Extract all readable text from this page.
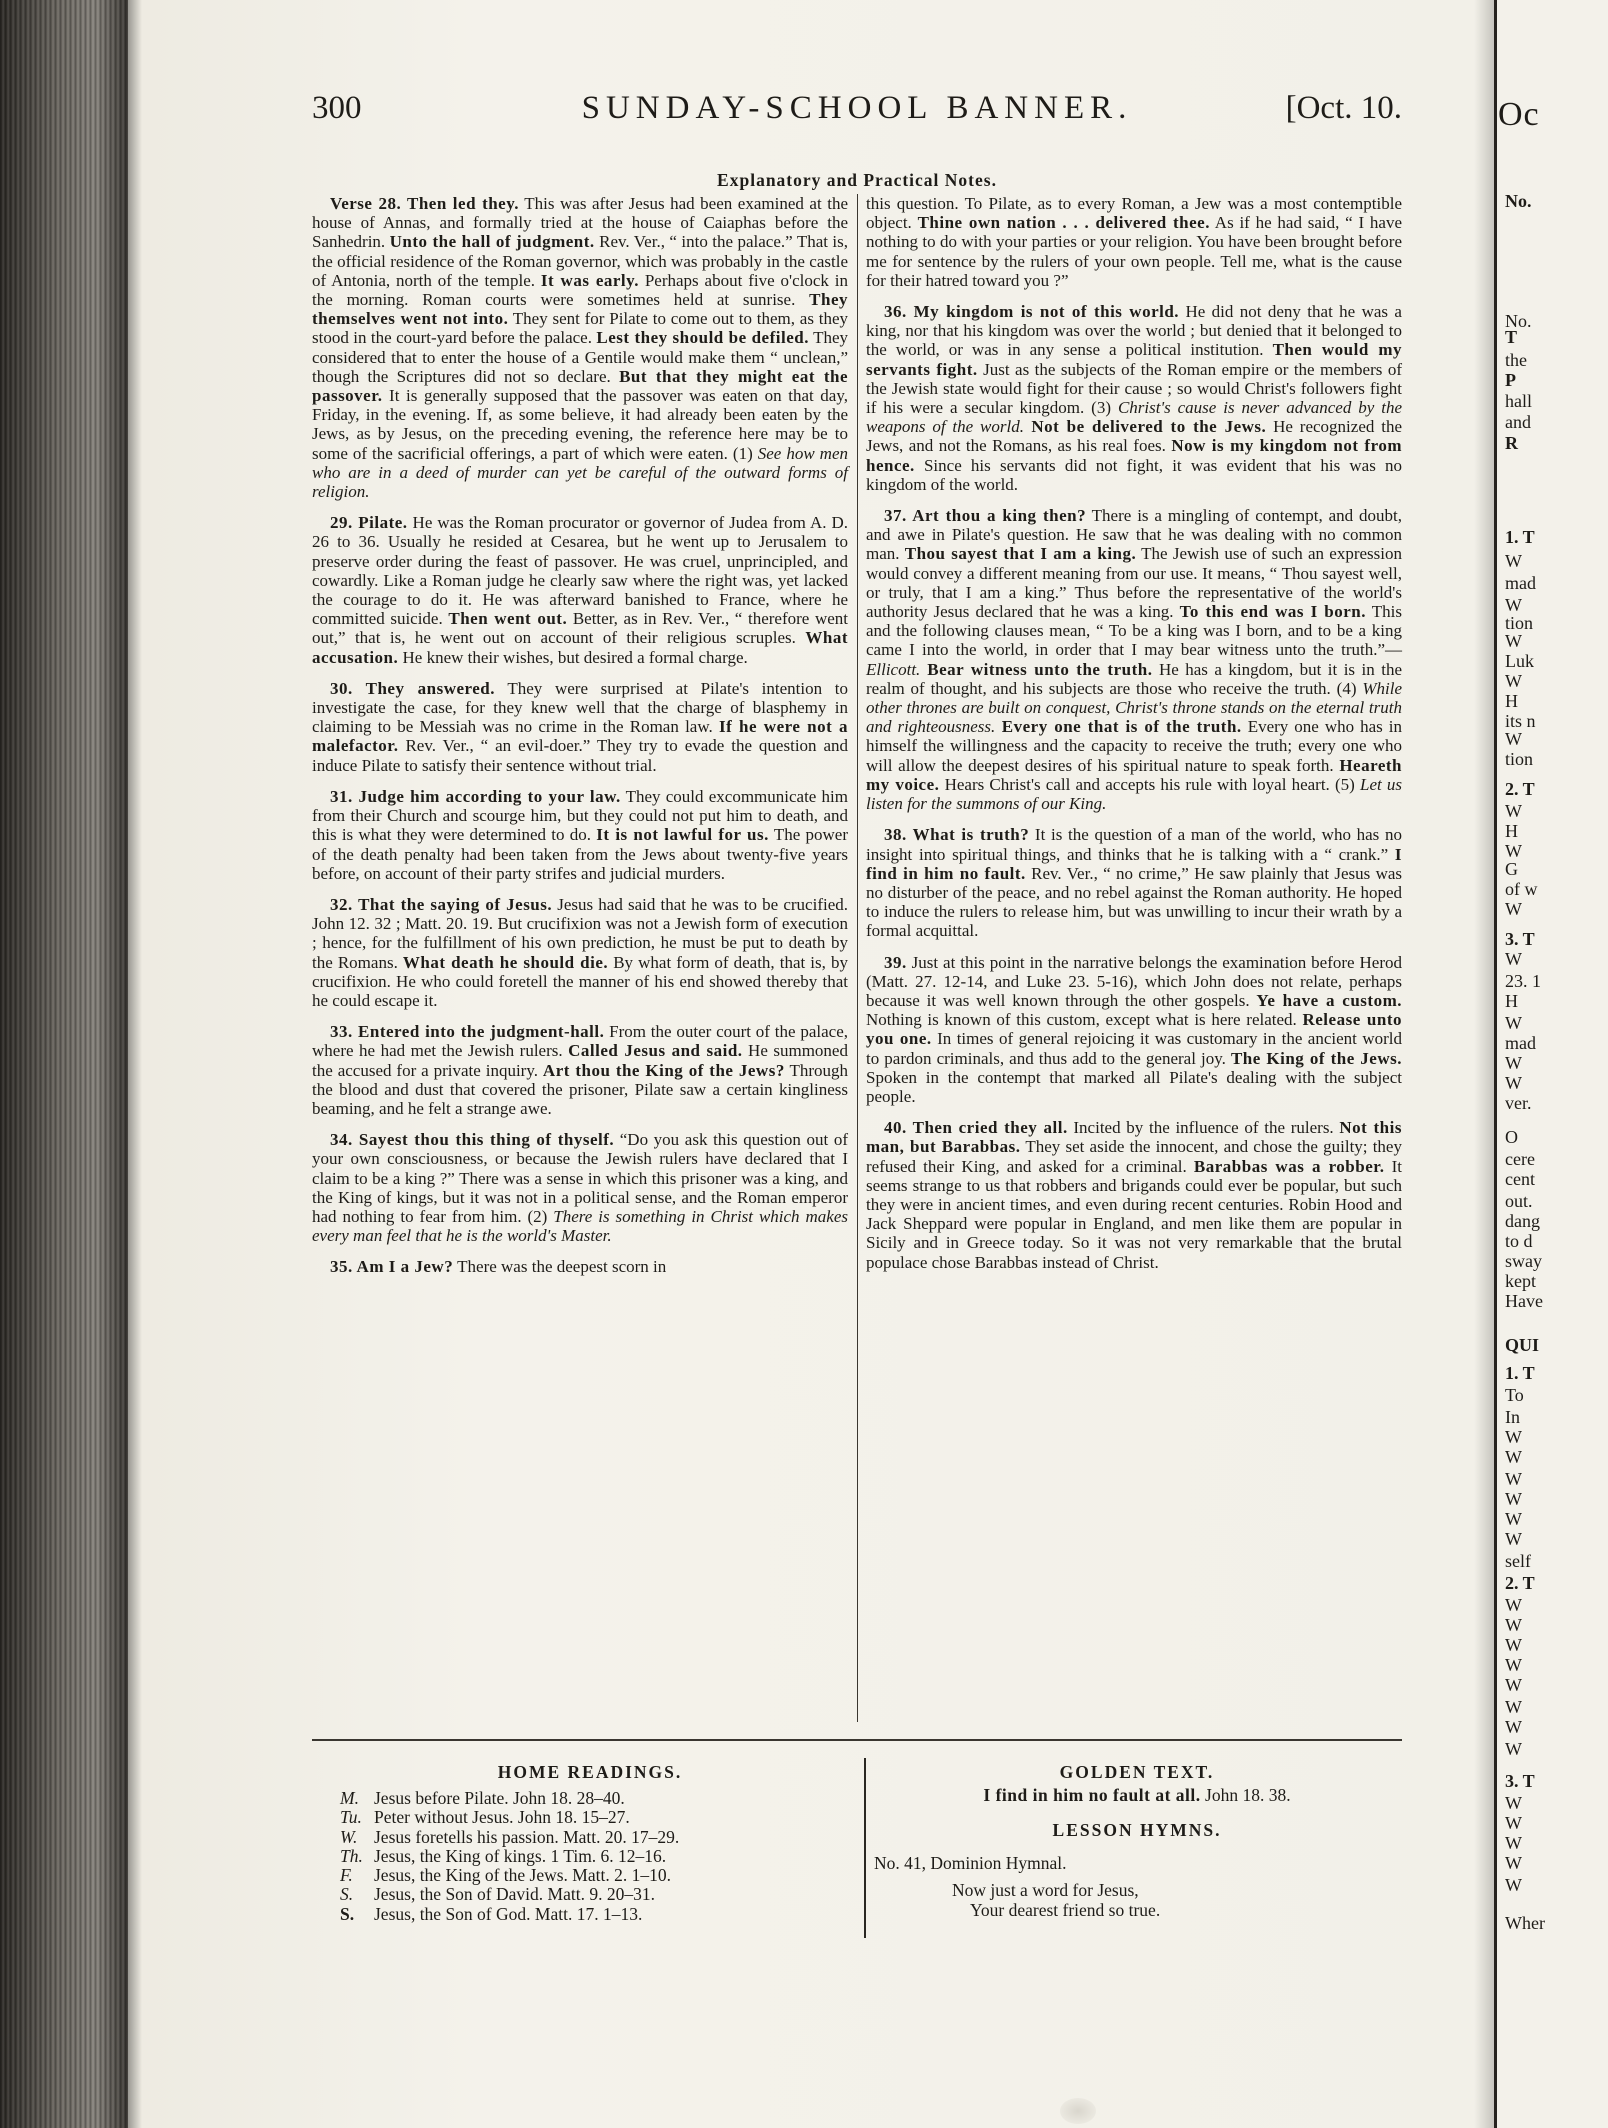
300	SUNDAY-SCHOOL BANNER.	[Oct. 10.
Explanatory and Practical Notes.

Verse 28. Then led they. This was after Jesus had been examined at the house of Annas, and formally tried at the house of Caiaphas before the Sanhedrin. Unto the hall of judgment. Rev. Ver., “ into the palace.” That is, the official residence of the Roman governor, which was probably in the castle of Antonia, north of the temple. It was early. Perhaps about five o'clock in the morning. Roman courts were sometimes held at sunrise. They themselves went not into. They sent for Pilate to come out to them, as they stood in the court-yard before the palace. Lest they should be defiled. They considered that to enter the house of a Gentile would make them “ unclean,” though the Scriptures did not so declare. But that they might eat the passover. It is generally supposed that the passover was eaten on that day, Friday, in the evening. If, as some believe, it had already been eaten by the Jews, as by Jesus, on the preceding evening, the reference here may be to some of the sacrificial offerings, a part of which were eaten. (1) See how men who are in a deed of murder can yet be careful of the outward forms of religion.

29. Pilate. He was the Roman procurator or governor of Judea from A. D. 26 to 36. Usually he resided at Cesarea, but he went up to Jerusalem to preserve order during the feast of passover. He was cruel, unprincipled, and cowardly. Like a Roman judge he clearly saw where the right was, yet lacked the courage to do it. He was afterward banished to France, where he committed suicide. Then went out. Better, as in Rev. Ver., “ therefore went out,” that is, he went out on account of their religious scruples. What accusation. He knew their wishes, but desired a formal charge.

30. They answered. They were surprised at Pilate's intention to investigate the case, for they knew well that the charge of blasphemy in claiming to be Messiah was no crime in the Roman law. If he were not a malefactor. Rev. Ver., “ an evil-doer.” They try to evade the question and induce Pilate to satisfy their sentence without trial.

31. Judge him according to your law. They could excommunicate him from their Church and scourge him, but they could not put him to death, and this is what they were determined to do. It is not lawful for us. The power of the death penalty had been taken from the Jews about twenty-five years before, on account of their party strifes and judicial murders.

32. That the saying of Jesus. Jesus had said that he was to be crucified. John 12. 32 ; Matt. 20. 19. But crucifixion was not a Jewish form of execution ; hence, for the fulfillment of his own prediction, he must be put to death by the Romans. What death he should die. By what form of death, that is, by crucifixion. He who could foretell the manner of his end showed thereby that he could escape it.

33. Entered into the judgment-hall. From the outer court of the palace, where he had met the Jewish rulers. Called Jesus and said. He summoned the accused for a private inquiry. Art thou the King of the Jews? Through the blood and dust that covered the prisoner, Pilate saw a certain kingliness beaming, and he felt a strange awe.

34. Sayest thou this thing of thyself. “Do you ask this question out of your own consciousness, or because the Jewish rulers have declared that I claim to be a king ?” There was a sense in which this prisoner was a king, and the King of kings, but it was not in a political sense, and the Roman emperor had nothing to fear from him. (2) There is something in Christ which makes every man feel that he is the world's Master.

35. Am I a Jew? There was the deepest scorn in

this question. To Pilate, as to every Roman, a Jew was a most contemptible object. Thine own nation . . . delivered thee. As if he had said, “ I have nothing to do with your parties or your religion. You have been brought before me for sentence by the rulers of your own people. Tell me, what is the cause for their hatred toward you ?”

36. My kingdom is not of this world. He did not deny that he was a king, nor that his kingdom was over the world ; but denied that it belonged to the world, or was in any sense a political institution. Then would my servants fight. Just as the subjects of the Roman empire or the members of the Jewish state would fight for their cause ; so would Christ's followers fight if his were a secular kingdom. (3) Christ's cause is never advanced by the weapons of the world. Not be delivered to the Jews. He recognized the Jews, and not the Romans, as his real foes. Now is my kingdom not from hence. Since his servants did not fight, it was evident that his was no kingdom of the world.

37. Art thou a king then? There is a mingling of contempt, and doubt, and awe in Pilate's question. He saw that he was dealing with no common man. Thou sayest that I am a king. The Jewish use of such an expression would convey a different meaning from our use. It means, “ Thou sayest well, or truly, that I am a king.” Thus before the representative of the world's authority Jesus declared that he was a king. To this end was I born. This and the following clauses mean, “ To be a king was I born, and to be a king came I into the world, in order that I may bear witness unto the truth.”—Ellicott. Bear witness unto the truth. He has a kingdom, but it is in the realm of thought, and his subjects are those who receive the truth. (4) While other thrones are built on conquest, Christ's throne stands on the eternal truth and righteousness. Every one that is of the truth. Every one who has in himself the willingness and the capacity to receive the truth; every one who will allow the deepest desires of his spiritual nature to speak forth. Heareth my voice. Hears Christ's call and accepts his rule with loyal heart. (5) Let us listen for the summons of our King.

38. What is truth? It is the question of a man of the world, who has no insight into spiritual things, and thinks that he is talking with a “ crank.” I find in him no fault. Rev. Ver., “ no crime,” He saw plainly that Jesus was no disturber of the peace, and no rebel against the Roman authority. He hoped to induce the rulers to release him, but was unwilling to incur their wrath by a formal acquittal.

39. Just at this point in the narrative belongs the examination before Herod (Matt. 27. 12-14, and Luke 23. 5-16), which John does not relate, perhaps because it was well known through the other gospels. Ye have a custom. Nothing is known of this custom, except what is here related. Release unto you one. In times of general rejoicing it was customary in the ancient world to pardon criminals, and thus add to the general joy. The King of the Jews. Spoken in the contempt that marked all Pilate's dealing with the subject people.

40. Then cried they all. Incited by the influence of the rulers. Not this man, but Barabbas. They set aside the innocent, and chose the guilty; they refused their King, and asked for a criminal. Barabbas was a robber. It seems strange to us that robbers and brigands could ever be popular, but such they were in ancient times, and even during recent centuries. Robin Hood and Jack Sheppard were popular in England, and men like them are popular in Sicily and in Greece today. So it was not very remarkable that the brutal populace chose Barabbas instead of Christ.

HOME READINGS.
M. Jesus before Pilate. John 18. 28–40.
Tu. Peter without Jesus. John 18. 15–27.
W. Jesus foretells his passion. Matt. 20. 17–29.
Th. Jesus, the King of kings. 1 Tim. 6. 12–16.
F. Jesus, the King of the Jews. Matt. 2. 1–10.
S. Jesus, the Son of David. Matt. 9. 20–31.
S. Jesus, the Son of God. Matt. 17. 1–13.
GOLDEN TEXT.
I find in him no fault at all. John 18. 38.
LESSON HYMNS.
No. 41, Dominion Hymnal.
Now just a word for Jesus,
Your dearest friend so true.
Oc
No.
No.
T
the
P
hall
and
R
1. T
W
mad
W
tion
W
Luk
W
H
its n
W
tion
2. T
W
H
W
G
of w
W
3. T
W
23. 1
H
W
mad
W
W
ver.
O
cere
cent
out.
dang
to d
sway
kept
Have
QUI
1. T
To
In
W
W
W
W
W
W
self
2. T
W
W
W
W
W
W
W
W
3. T
W
W
W
W
W
Wher
